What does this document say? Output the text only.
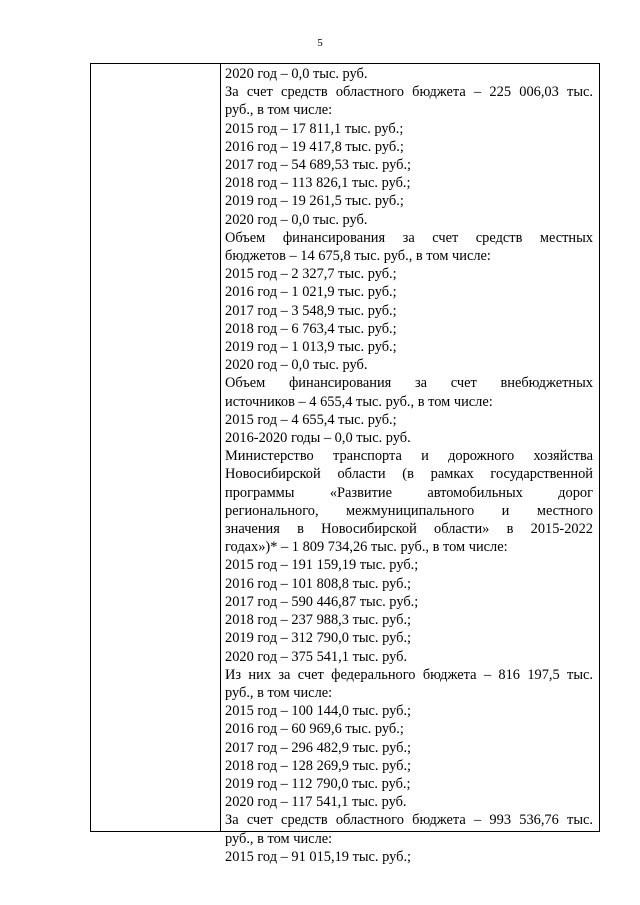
5
2020 год – 0,0 тыс. руб.
За счет средств областного бюджета – 225 006,03 тыс.
руб., в том числе:
2015 год – 17 811,1 тыс. руб.;
2016 год – 19 417,8 тыс. руб.;
2017 год – 54 689,53 тыс. руб.;
2018 год – 113 826,1 тыс. руб.;
2019 год – 19 261,5 тыс. руб.;
2020 год – 0,0 тыс. руб.
Объем финансирования за счет средств местных
бюджетов – 14 675,8 тыс. руб., в том числе:
2015 год – 2 327,7 тыс. руб.;
2016 год – 1 021,9 тыс. руб.;
2017 год – 3 548,9 тыс. руб.;
2018 год – 6 763,4 тыс. руб.;
2019 год – 1 013,9 тыс. руб.;
2020 год – 0,0 тыс. руб.
Объем финансирования за счет внебюджетных
источников – 4 655,4 тыс. руб., в том числе:
2015 год – 4 655,4 тыс. руб.;
2016-2020 годы – 0,0 тыс. руб.
Министерство транспорта и дорожного хозяйства
Новосибирской области (в рамках государственной
программы «Развитие автомобильных дорог
регионального, межмуниципального и местного
значения в Новосибирской области» в 2015-2022
годах»)* – 1 809 734,26 тыс. руб., в том числе:
2015 год – 191 159,19 тыс. руб.;
2016 год – 101 808,8 тыс. руб.;
2017 год – 590 446,87 тыс. руб.;
2018 год – 237 988,3 тыс. руб.;
2019 год – 312 790,0 тыс. руб.;
2020 год – 375 541,1 тыс. руб.
Из них за счет федерального бюджета – 816 197,5 тыс.
руб., в том числе:
2015 год – 100 144,0 тыс. руб.;
2016 год – 60 969,6 тыс. руб.;
2017 год – 296 482,9 тыс. руб.;
2018 год – 128 269,9 тыс. руб.;
2019 год – 112 790,0 тыс. руб.;
2020 год – 117 541,1 тыс. руб.
За счет средств областного бюджета – 993 536,76 тыс.
руб., в том числе:
2015 год – 91 015,19 тыс. руб.;
